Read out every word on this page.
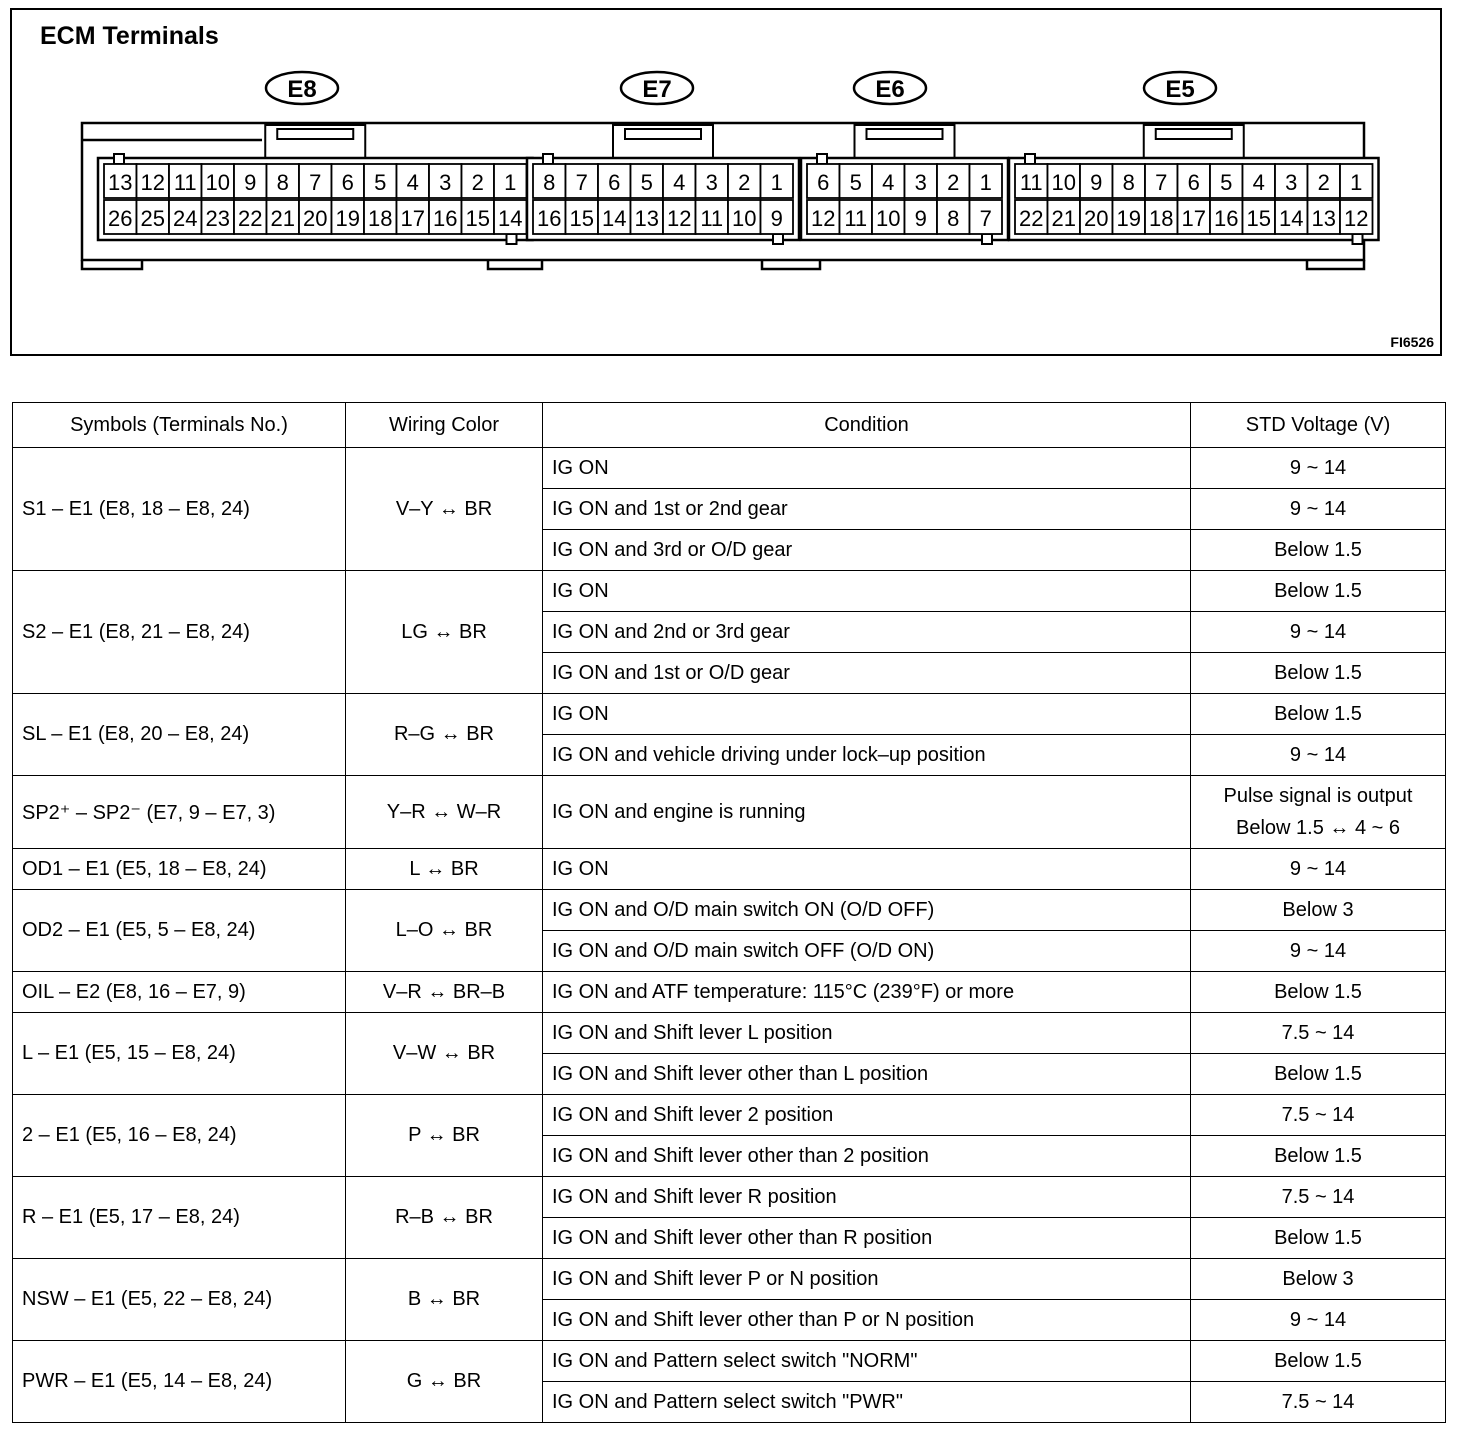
ECM Terminals
E8
13 12 11 10 9 8 7 6 5 4 3 2 1
26 25 24 23 22 21 20 19 18 17 16 15 14
E7
8 7 6 5 4 3 2 1
16 15 14 13 12 11 10 9
E6
6 5 4 3 2 1
12 11 10 9 8 7
E5
11 10 9 8 7 6 5 4 3 2 1
22 21 20 19 18 17 16 15 14 13 12
FI6526
Symbols (Terminals No.)	Wiring Color	Condition	STD Voltage (V)
S1 – E1 (E8, 18 – E8, 24)	V–Y ↔ BR	IG ON	9 ~ 14
		IG ON and 1st or 2nd gear	9 ~ 14
		IG ON and 3rd or O/D gear	Below 1.5
S2 – E1 (E8, 21 – E8, 24)	LG ↔ BR	IG ON	Below 1.5
		IG ON and 2nd or 3rd gear	9 ~ 14
		IG ON and 1st or O/D gear	Below 1.5
SL – E1 (E8, 20 – E8, 24)	R–G ↔ BR	IG ON	Below 1.5
		IG ON and vehicle driving under lock–up position	9 ~ 14
SP2⁺ – SP2⁻ (E7, 9 – E7, 3)	Y–R ↔ W–R	IG ON and engine is running	Pulse signal is output Below 1.5 ↔ 4 ~ 6
OD1 – E1 (E5, 18 – E8, 24)	L ↔ BR	IG ON	9 ~ 14
OD2 – E1 (E5, 5 – E8, 24)	L–O ↔ BR	IG ON and O/D main switch ON (O/D OFF)	Below 3
		IG ON and O/D main switch OFF (O/D ON)	9 ~ 14
OIL – E2 (E8, 16 – E7, 9)	V–R ↔ BR–B	IG ON and ATF temperature: 115°C (239°F) or more	Below 1.5
L – E1 (E5, 15 – E8, 24)	V–W ↔ BR	IG ON and Shift lever L position	7.5 ~ 14
		IG ON and Shift lever other than L position	Below 1.5
2 – E1 (E5, 16 – E8, 24)	P ↔ BR	IG ON and Shift lever 2 position	7.5 ~ 14
		IG ON and Shift lever other than 2 position	Below 1.5
R – E1 (E5, 17 – E8, 24)	R–B ↔ BR	IG ON and Shift lever R position	7.5 ~ 14
		IG ON and Shift lever other than R position	Below 1.5
NSW – E1 (E5, 22 – E8, 24)	B ↔ BR	IG ON and Shift lever P or N position	Below 3
		IG ON and Shift lever other than P or N position	9 ~ 14
PWR – E1 (E5, 14 – E8, 24)	G ↔ BR	IG ON and Pattern select switch "NORM"	Below 1.5
		IG ON and Pattern select switch "PWR"	7.5 ~ 14
